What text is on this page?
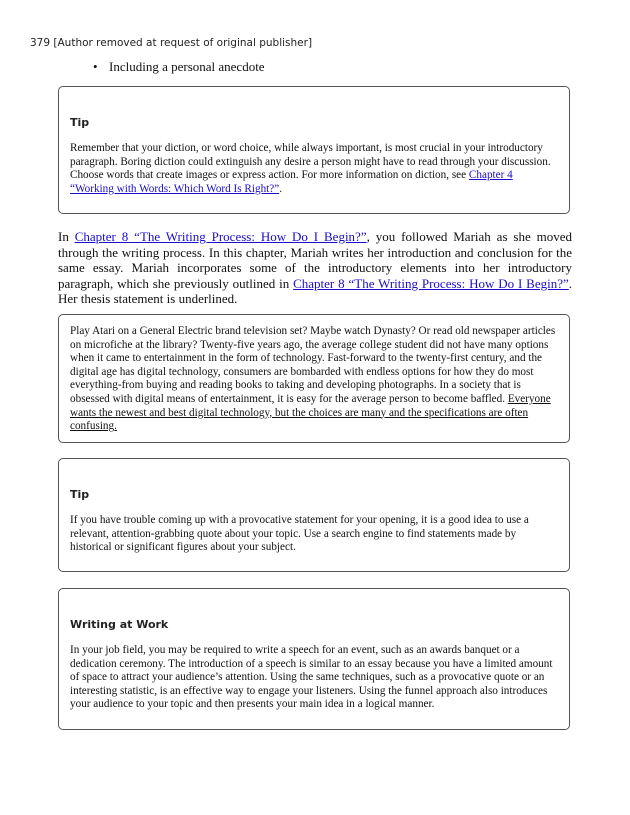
379 [Author removed at request of original publisher]
• Including a personal anecdote
Tip

Remember that your diction, or word choice, while always important, is most crucial in your introductory paragraph. Boring diction could extinguish any desire a person might have to read through your discussion. Choose words that create images or express action. For more information on diction, see Chapter 4 “Working with Words: Which Word Is Right?”.

In Chapter 8 “The Writing Process: How Do I Begin?”, you followed Mariah as she moved through the writing process. In this chapter, Mariah writes her introduction and conclusion for the same essay. Mariah incorporates some of the introductory elements into her introductory paragraph, which she previously outlined in Chapter 8 “The Writing Process: How Do I Begin?”. Her thesis statement is underlined.

Play Atari on a General Electric brand television set? Maybe watch Dynasty? Or read old newspaper articles on microfiche at the library? Twenty-five years ago, the average college student did not have many options when it came to entertainment in the form of technology. Fast-forward to the twenty-first century, and the digital age has digital technology, consumers are bombarded with endless options for how they do most everything-from buying and reading books to taking and developing photographs. In a society that is obsessed with digital means of entertainment, it is easy for the average person to become baffled. Everyone wants the newest and best digital technology, but the choices are many and the specifications are often confusing.

Tip

If you have trouble coming up with a provocative statement for your opening, it is a good idea to use a relevant, attention-grabbing quote about your topic. Use a search engine to find statements made by historical or significant figures about your subject.

Writing at Work

In your job field, you may be required to write a speech for an event, such as an awards banquet or a dedication ceremony. The introduction of a speech is similar to an essay because you have a limited amount of space to attract your audience’s attention. Using the same techniques, such as a provocative quote or an interesting statistic, is an effective way to engage your listeners. Using the funnel approach also introduces your audience to your topic and then presents your main idea in a logical manner.
